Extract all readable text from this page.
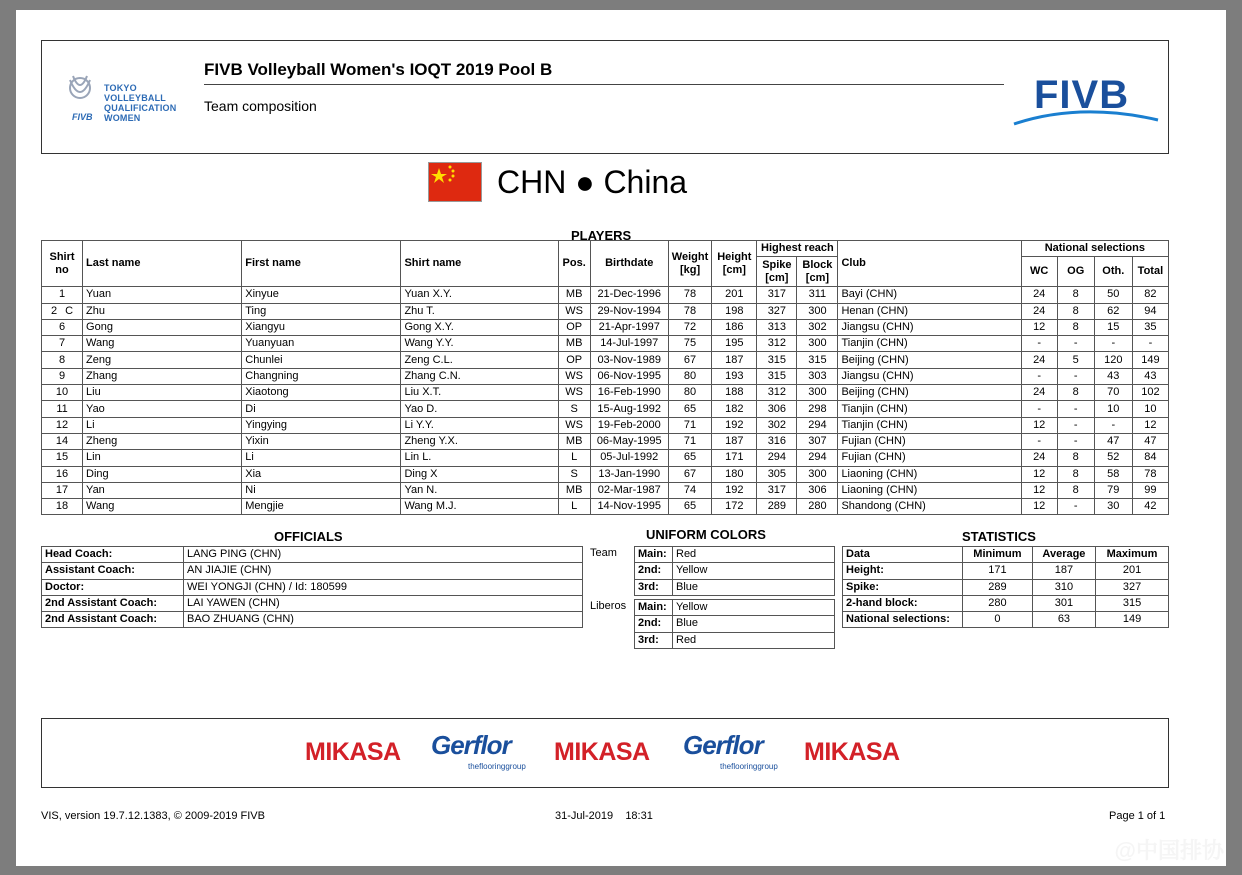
TOKYO
VOLLEYBALL
QUALIFICATION
WOMEN
FIVB
FIVB Volleyball Women's IOQT 2019 Pool B
Team composition	FIVB
CHN ● China
PLAYERS
Shirt no	Last name	First name	Shirt name	Pos.	Birthdate	Weight [kg]	Height [cm]	Highest reach		Club	National selections			
								Spike [cm]	Block [cm]		WC	OG	Oth.	Total
1	Yuan	Xinyue	Yuan X.Y.	MB	21-Dec-1996	78	201	317	311	Bayi (CHN)	24	8	50	82
2 C	Zhu	Ting	Zhu T.	WS	29-Nov-1994	78	198	327	300	Henan (CHN)	24	8	62	94
6	Gong	Xiangyu	Gong X.Y.	OP	21-Apr-1997	72	186	313	302	Jiangsu (CHN)	12	8	15	35
7	Wang	Yuanyuan	Wang Y.Y.	MB	14-Jul-1997	75	195	312	300	Tianjin (CHN)	-	-	-	-
8	Zeng	Chunlei	Zeng C.L.	OP	03-Nov-1989	67	187	315	315	Beijing (CHN)	24	5	120	149
9	Zhang	Changning	Zhang C.N.	WS	06-Nov-1995	80	193	315	303	Jiangsu (CHN)	-	-	43	43
10	Liu	Xiaotong	Liu X.T.	WS	16-Feb-1990	80	188	312	300	Beijing (CHN)	24	8	70	102
11	Yao	Di	Yao D.	S	15-Aug-1992	65	182	306	298	Tianjin (CHN)	-	-	10	10
12	Li	Yingying	Li Y.Y.	WS	19-Feb-2000	71	192	302	294	Tianjin (CHN)	12	-	-	12
14	Zheng	Yixin	Zheng Y.X.	MB	06-May-1995	71	187	316	307	Fujian (CHN)	-	-	47	47
15	Lin	Li	Lin L.	L	05-Jul-1992	65	171	294	294	Fujian (CHN)	24	8	52	84
16	Ding	Xia	Ding X	S	13-Jan-1990	67	180	305	300	Liaoning (CHN)	12	8	58	78
17	Yan	Ni	Yan N.	MB	02-Mar-1987	74	192	317	306	Liaoning (CHN)	12	8	79	99
18	Wang	Mengjie	Wang M.J.	L	14-Nov-1995	65	172	289	280	Shandong (CHN)	12	-	30	42
OFFICIALS
Head Coach:	LANG PING (CHN)
Assistant Coach:	AN JIAJIE (CHN)
Doctor:	WEI YONGJI (CHN) / Id: 180599
2nd Assistant Coach:	LAI YAWEN (CHN)
2nd Assistant Coach:	BAO ZHUANG (CHN)
UNIFORM COLORS
Team
Liberos
Main:	Red
2nd:	Yellow
3rd:	Blue
Main:	Yellow
2nd:	Blue
3rd:	Red
STATISTICS
Data	Minimum	Average	Maximum
Height:	171	187	201
Spike:	289	310	327
2-hand block:	280	301	315
National selections:	0	63	149
MIKASA Gerflor
theflooringgroup
MIKASA Gerflor
theflooringgroup
MIKASA
VIS, version 19.7.12.1383, © 2009-2019 FIVB	31-Jul-2019    18:31	Page 1 of 1
@中国排协
